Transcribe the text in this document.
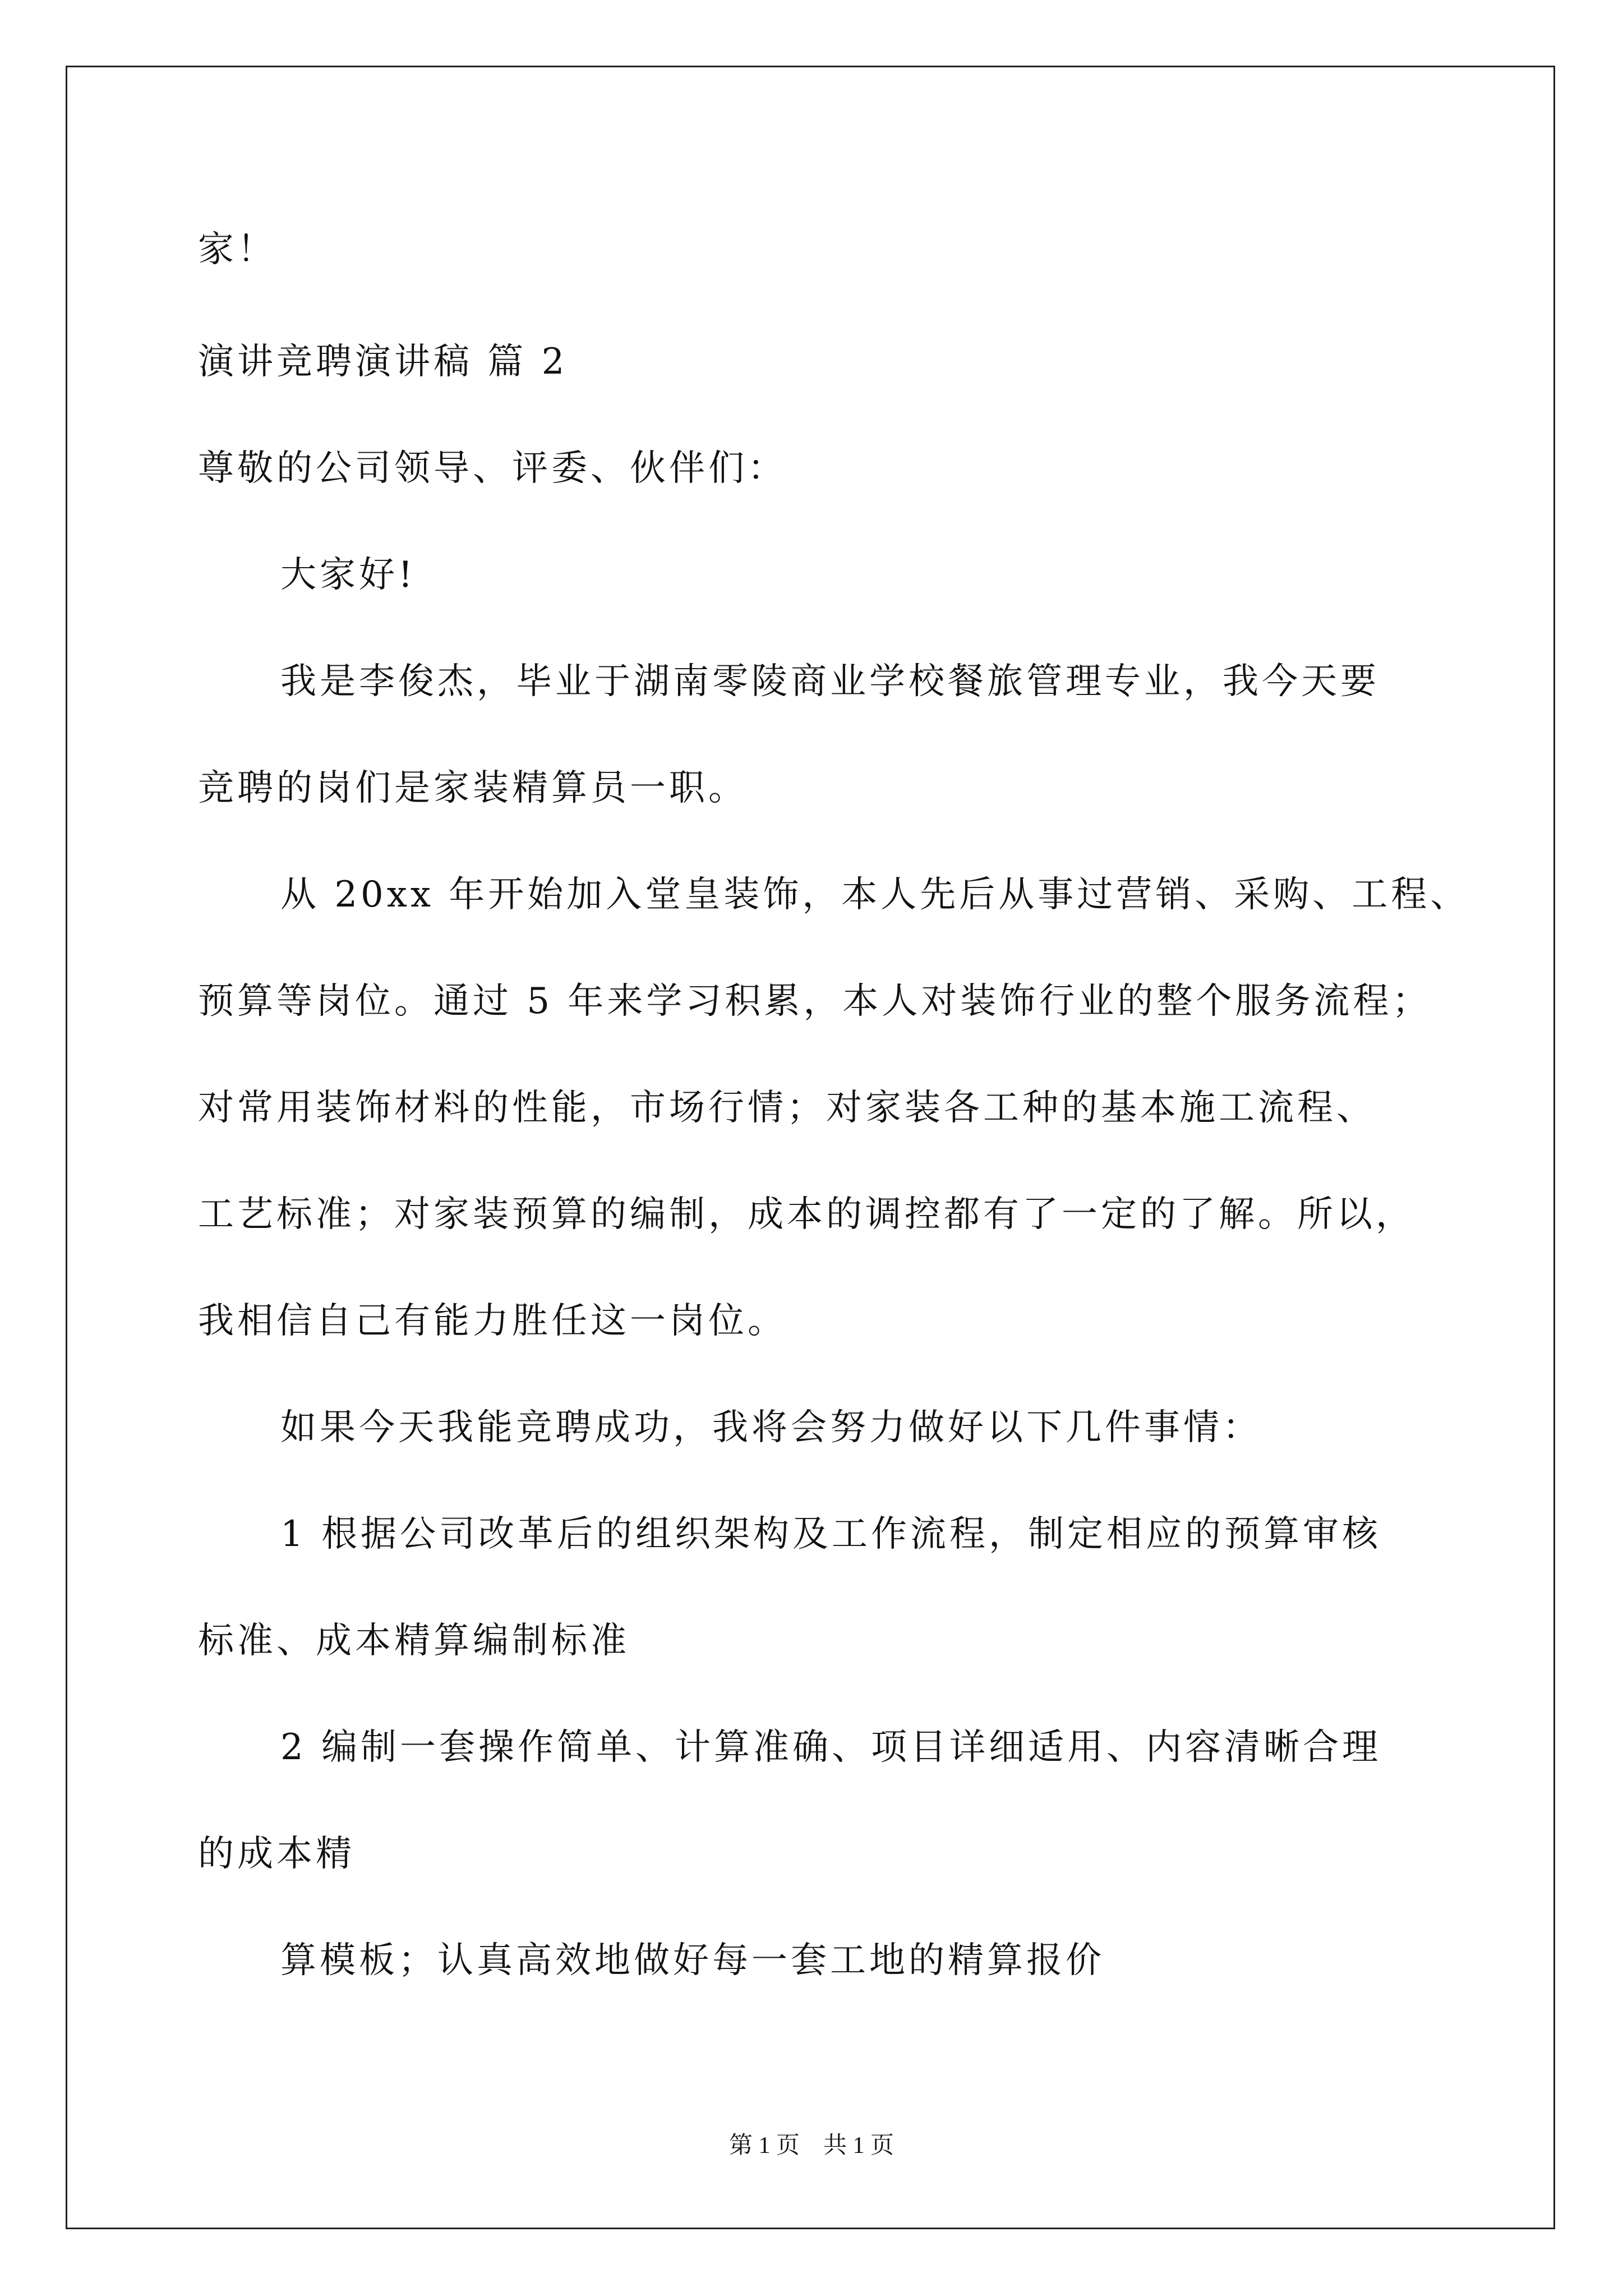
家！
演讲竞聘演讲稿 篇 2
尊敬的公司领导、评委、伙伴们：
大家好!
我是李俊杰，毕业于湖南零陵商业学校餐旅管理专业，我今天要
竞聘的岗们是家装精算员一职。
从 20xx 年开始加入堂皇装饰，本人先后从事过营销、采购、工程、
预算等岗位。通过 5 年来学习积累，本人对装饰行业的整个服务流程；
对常用装饰材料的性能，市场行情；对家装各工种的基本施工流程、
工艺标准；对家装预算的编制，成本的调控都有了一定的了解。所以，
我相信自己有能力胜任这一岗位。
如果今天我能竞聘成功，我将会努力做好以下几件事情：
1 根据公司改革后的组织架构及工作流程，制定相应的预算审核
标准、成本精算编制标准
2 编制一套操作简单、计算准确、项目详细适用、内容清晰合理
的成本精
算模板；认真高效地做好每一套工地的精算报价
第 1 页　共 1 页
